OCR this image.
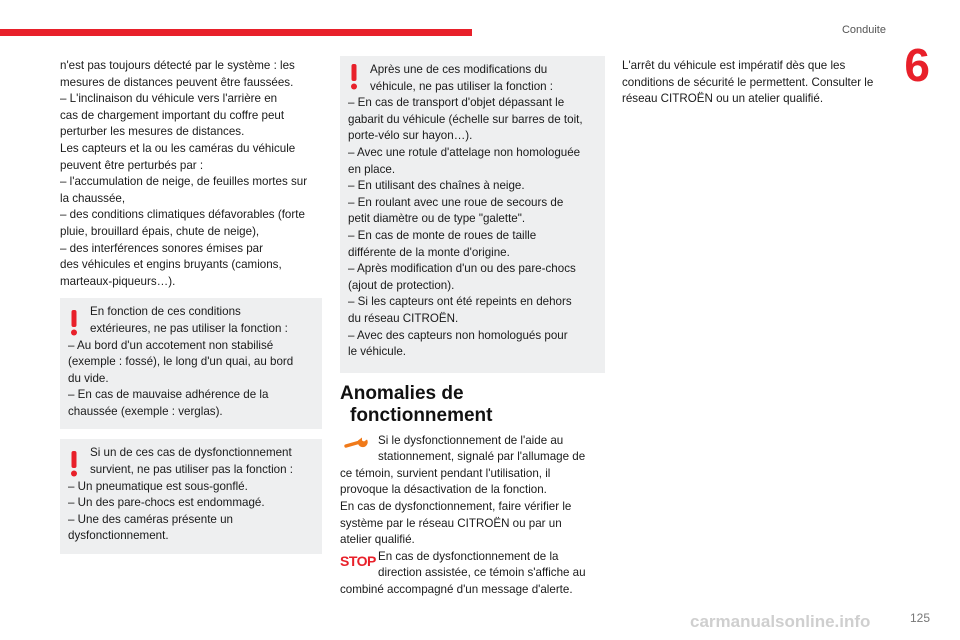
Conduite
6

n'est pas toujours détecté par le système : les

mesures de distances peuvent être faussées.

– L'inclinaison du véhicule vers l'arrière en

cas de chargement important du coffre peut

perturber les mesures de distances.

Les capteurs et la ou les caméras du véhicule

peuvent être perturbés par :

– l'accumulation de neige, de feuilles mortes sur

la chaussée,

– des conditions climatiques défavorables (forte

pluie, brouillard épais, chute de neige),

– des interférences sonores émises par

des véhicules et engins bruyants (camions,

marteaux-piqueurs…).

En fonction de ces conditions

extérieures, ne pas utiliser la fonction :

– Au bord d'un accotement non stabilisé

(exemple : fossé), le long d'un quai, au bord

du vide.

– En cas de mauvaise adhérence de la

chaussée (exemple : verglas).

Si un de ces cas de dysfonctionnement

survient, ne pas utiliser pas la fonction :

– Un pneumatique est sous-gonflé.

– Un des pare-chocs est endommagé.

– Une des caméras présente un

dysfonctionnement.

Après une de ces modifications du

véhicule, ne pas utiliser la fonction :

– En cas de transport d'objet dépassant le

gabarit du véhicule (échelle sur barres de toit,

porte-vélo sur hayon…).

– Avec une rotule d'attelage non homologuée

en place.

– En utilisant des chaînes à neige.

– En roulant avec une roue de secours de

petit diamètre ou de type "galette".

– En cas de monte de roues de taille

différente de la monte d'origine.

– Après modification d'un ou des pare-chocs

(ajout de protection).

– Si les capteurs ont été repeints en dehors

du réseau CITROËN.

– Avec des capteurs non homologués pour

le véhicule.

Anomalies de
fonctionnement

Si le dysfonctionnement de l'aide au

stationnement, signalé par l'allumage de

ce témoin, survient pendant l'utilisation, il

provoque la désactivation de la fonction.

En cas de dysfonctionnement, faire vérifier le

système par le réseau CITROËN ou par un

atelier qualifié.

STOP En cas de dysfonctionnement de la

direction assistée, ce témoin s'affiche au

combiné accompagné d'un message d'alerte.

L'arrêt du véhicule est impératif dès que les

conditions de sécurité le permettent. Consulter le

réseau CITROËN ou un atelier qualifié.

carmanualsonline.info	125
